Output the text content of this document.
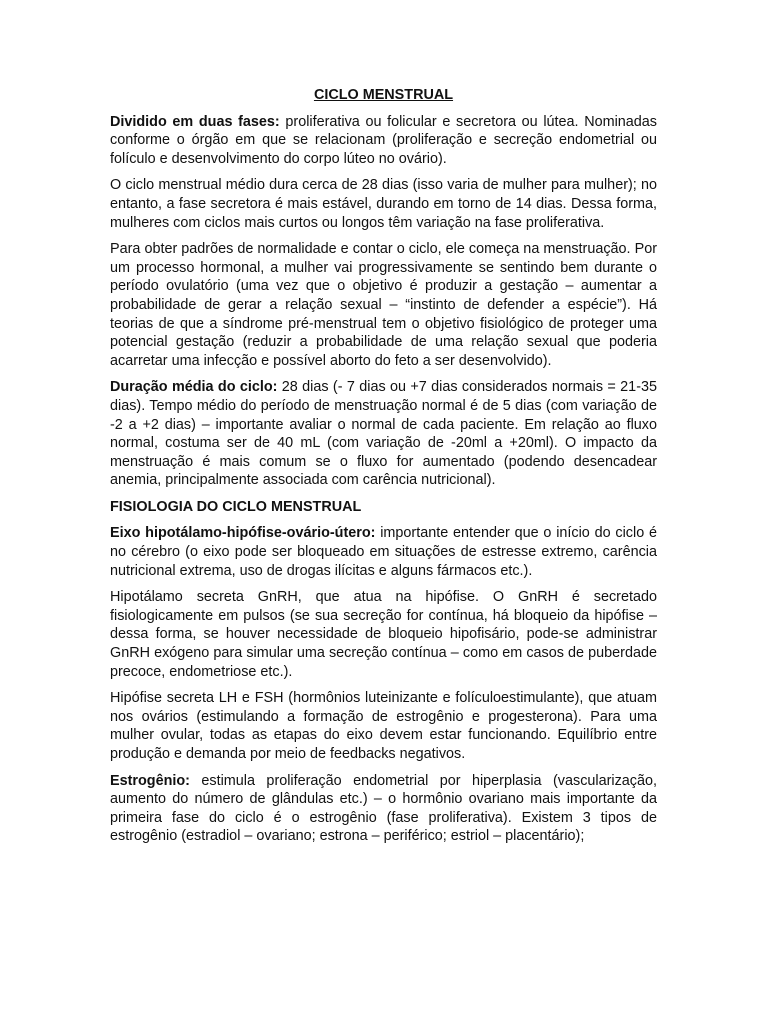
CICLO MENSTRUAL

Dividido em duas fases: proliferativa ou folicular e secretora ou lútea. Nominadas conforme o órgão em que se relacionam (proliferação e secreção endometrial ou folículo e desenvolvimento do corpo lúteo no ovário).

O ciclo menstrual médio dura cerca de 28 dias (isso varia de mulher para mulher); no entanto, a fase secretora é mais estável, durando em torno de 14 dias. Dessa forma, mulheres com ciclos mais curtos ou longos têm variação na fase proliferativa.

Para obter padrões de normalidade e contar o ciclo, ele começa na menstruação. Por um processo hormonal, a mulher vai progressivamente se sentindo bem durante o período ovulatório (uma vez que o objetivo é produzir a gestação – aumentar a probabilidade de gerar a relação sexual – “instinto de defender a espécie”). Há teorias de que a síndrome pré-menstrual tem o objetivo fisiológico de proteger uma potencial gestação (reduzir a probabilidade de uma relação sexual que poderia acarretar uma infecção e possível aborto do feto a ser desenvolvido).

Duração média do ciclo: 28 dias (- 7 dias ou +7 dias considerados normais = 21-35 dias). Tempo médio do período de menstruação normal é de 5 dias (com variação de -2 a +2 dias) – importante avaliar o normal de cada paciente. Em relação ao fluxo normal, costuma ser de 40 mL (com variação de -20ml a +20ml). O impacto da menstruação é mais comum se o fluxo for aumentado (podendo desencadear anemia, principalmente associada com carência nutricional).

FISIOLOGIA DO CICLO MENSTRUAL

Eixo hipotálamo-hipófise-ovário-útero: importante entender que o início do ciclo é no cérebro (o eixo pode ser bloqueado em situações de estresse extremo, carência nutricional extrema, uso de drogas ilícitas e alguns fármacos etc.).

Hipotálamo secreta GnRH, que atua na hipófise. O GnRH é secretado fisiologicamente em pulsos (se sua secreção for contínua, há bloqueio da hipófise – dessa forma, se houver necessidade de bloqueio hipofisário, pode-se administrar GnRH exógeno para simular uma secreção contínua – como em casos de puberdade precoce, endometriose etc.).

Hipófise secreta LH e FSH (hormônios luteinizante e folículoestimulante), que atuam nos ovários (estimulando a formação de estrogênio e progesterona). Para uma mulher ovular, todas as etapas do eixo devem estar funcionando. Equilíbrio entre produção e demanda por meio de feedbacks negativos.

Estrogênio: estimula proliferação endometrial por hiperplasia (vascularização, aumento do número de glândulas etc.) – o hormônio ovariano mais importante da primeira fase do ciclo é o estrogênio (fase proliferativa). Existem 3 tipos de estrogênio (estradiol – ovariano; estrona – periférico; estriol – placentário);
